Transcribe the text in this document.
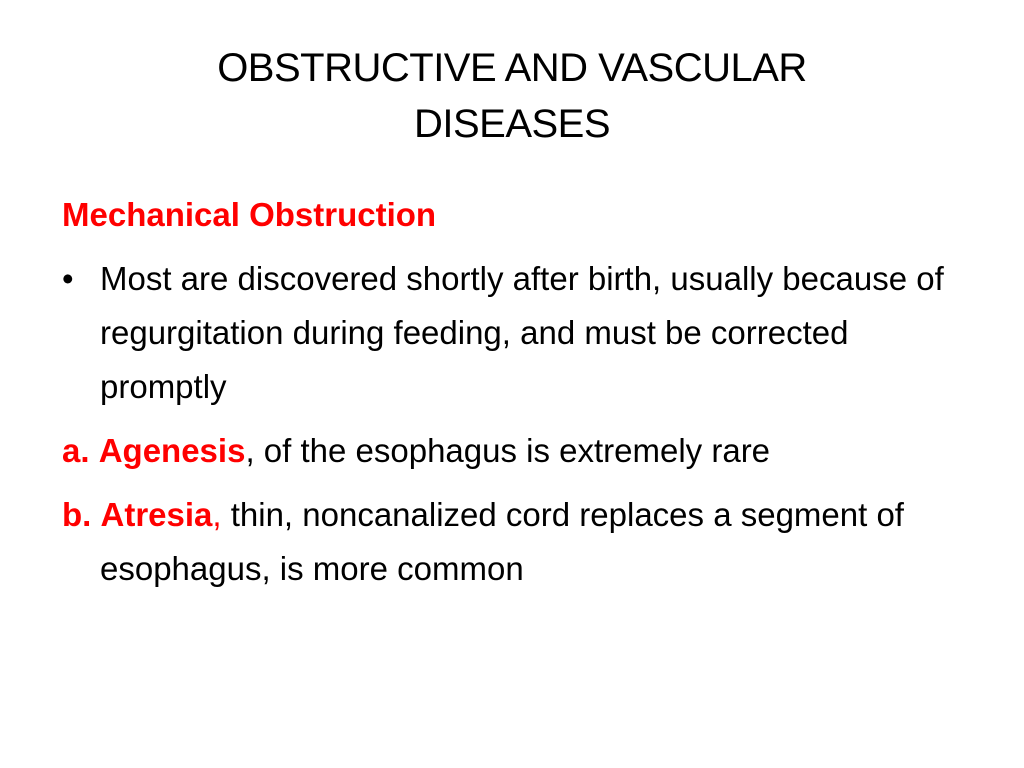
OBSTRUCTIVE AND VASCULAR
DISEASES
Mechanical Obstruction
• Most are discovered shortly after birth, usually because of regurgitation during feeding, and must be corrected promptly
a. Agenesis, of the esophagus is extremely rare
b. Atresia, thin, noncanalized cord replaces a segment of esophagus, is more common
